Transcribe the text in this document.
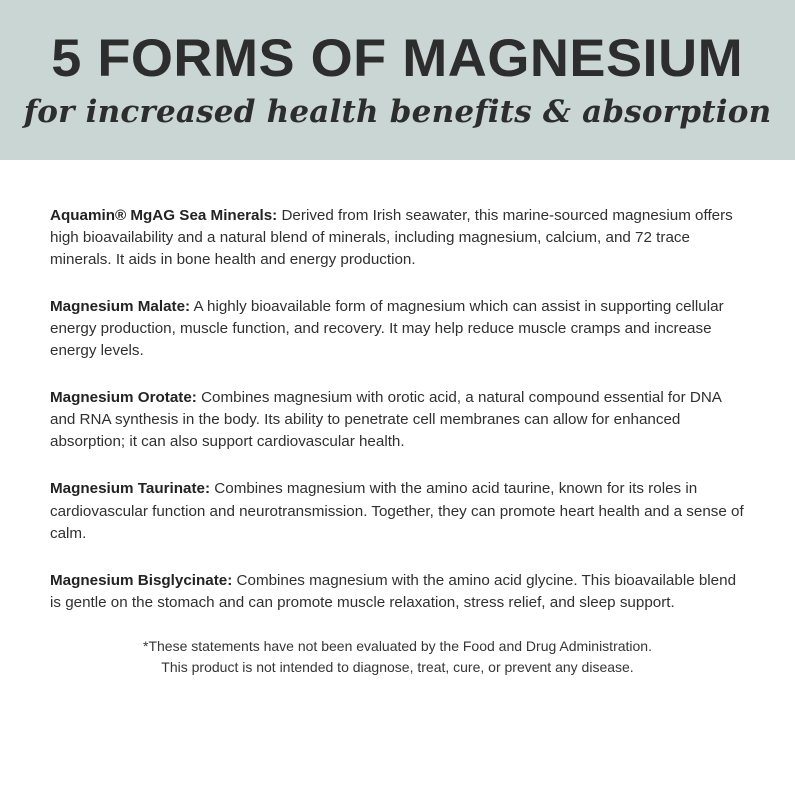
5 FORMS OF MAGNESIUM
for increased health benefits & absorption

Aquamin® MgAG Sea Minerals: Derived from Irish seawater, this marine-sourced magnesium offers high bioavailability and a natural blend of minerals, including magnesium, calcium, and 72 trace minerals. It aids in bone health and energy production.

Magnesium Malate: A highly bioavailable form of magnesium which can assist in supporting cellular energy production, muscle function, and recovery. It may help reduce muscle cramps and increase energy levels.

Magnesium Orotate: Combines magnesium with orotic acid, a natural compound essential for DNA and RNA synthesis in the body. Its ability to penetrate cell membranes can allow for enhanced absorption; it can also support cardiovascular health.

Magnesium Taurinate: Combines magnesium with the amino acid taurine, known for its roles in cardiovascular function and neurotransmission. Together, they can promote heart health and a sense of calm.

Magnesium Bisglycinate: Combines magnesium with the amino acid glycine. This bioavailable blend is gentle on the stomach and can promote muscle relaxation, stress relief, and sleep support.

*These statements have not been evaluated by the Food and Drug Administration.
This product is not intended to diagnose, treat, cure, or prevent any disease.
